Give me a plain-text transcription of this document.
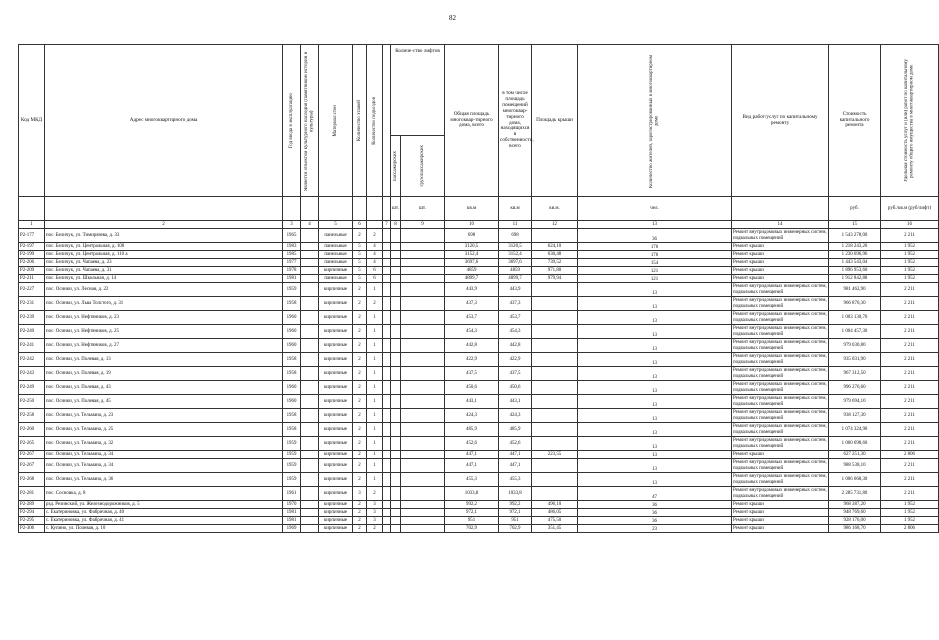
82
Код МКД	Адрес многоквартирного дома	Год ввода в эксплуатацию	Является объектом культурного наследия (памятником истории и культуры)	Материал стен	Количество этажей	Количество подъездов		Количе-ство лифтов		Общая площадь многоквар-тирного дома, всего	в том числе площадь помещений многоквар-тирного дома, находящихся в собственности, всего	Площадь крыши	Количество жителей, зарегистрированных в многоквартирном доме	Вид работ/услуг по капитальному ремонту	Стоимость капитального ремонта	Удельная стоимость услуг и (или) работ по капитальному ремонту общего имущества в многоквартирном доме

								пассажирских	грузопассажирских								

								шт.	шт.	кв.м	кв.м	кв.м.	чел.		руб.	руб./кв.м (руб/лифт)	
1	2	3	4	5	6		7	8	9	10	11	12	13	14	15	16	
Р2-177	пос. Беличук, ул. Тимирязева, д. 33	1965		панельные	2	2				698	698		36	Ремонт внутридомовых инженерных систем, подвальных помещений	1 543 278,00	2 211	
Р2-197	пос. Беличук, ул. Центральная, д. 108	1983		панельные	5	4				3120,5	3120,5	624,10	176	Ремонт крыши	1 218 243,20	1 952	
Р2-199	пос. Беличук, ул. Центральная, д. 110 а	1985		панельные	5	4				3152,4	3152,4	630,48	176	Ремонт крыши	1 230 696,96	1 952	
Р2-206	пос. Беличук, ул. Чапаева, д. 23	1977		панельные	5	4				3697,6	3697,6	739,52	154	Ремонт крыши	1 443 543,04	1 952	
Р2-209	пос. Беличук, ул. Чапаева, д. 31	1978		кирпичные	5	6				4859	4859	971,80	121	Ремонт крыши	1 896 953,60	1 952	
Р2-211	пос. Беличук, ул. Школьная, д. 14	1981		панельные	5	6				4899,7	4899,7	979,94	121	Ремонт крыши	1 912 842,88	1 952	
Р2-227	пос. Осинки, ул. Лесная, д. 22	1959		кирпичные	2	1				443,9	443,9		13	Ремонт внутридомовых инженерных систем, подвальных помещений	981 462,90	2 211	
Р2-231	пос. Осинки, ул. Льва Толстого, д. 31	1958		кирпичные	2	2				437,3	437,3		13	Ремонт внутридомовых инженерных систем, подвальных помещений	966 870,30	2 211	
Р2-239	пос. Осинки, ул. Нефтяников, д. 23	1960		кирпичные	2	1				453,7	453,7		13	Ремонт внутридомовых инженерных систем, подвальных помещений	1 003 130,70	2 211	
Р2-240	пос. Осинки, ул. Нефтяников, д. 25	1960		кирпичные	2	1				454,3	454,3		13	Ремонт внутридомовых инженерных систем, подвальных помещений	1 004 457,30	2 211	
Р2-241	пос. Осинки, ул. Нефтяников, д. 27	1960		кирпичные	2	1				442,8	442,8		13	Ремонт внутридомовых инженерных систем, подвальных помещений	979 030,80	2 211	
Р2-242	пос. Осинки, ул. Полевая, д. 13	1958		кирпичные	2	1				422,9	422,9		13	Ремонт внутридомовых инженерных систем, подвальных помещений	935 031,90	2 211	
Р2-243	пос. Осинки, ул. Полевая, д. 19	1958		кирпичные	2	1				437,5	437,5		13	Ремонт внутридомовых инженерных систем, подвальных помещений	967 312,50	2 211	
Р2-249	пос. Осинки, ул. Полевая, д. 43	1960		кирпичные	2	1				450,6	450,6		13	Ремонт внутридомовых инженерных систем, подвальных помещений	996 276,60	2 211	
Р2-250	пос. Осинки, ул. Полевая, д. 45	1960		кирпичные	2	1				443,1	443,1		13	Ремонт внутридомовых инженерных систем, подвальных помещений	979 694,10	2 211	
Р2-258	пос. Осинки, ул. Тельмана, д. 23	1958		кирпичные	2	1				424,3	424,3		13	Ремонт внутридомовых инженерных систем, подвальных помещений	938 127,30	2 211	
Р2-260	пос. Осинки, ул. Тельмана, д. 25	1958		кирпичные	2	1				485,9	485,9		13	Ремонт внутридомовых инженерных систем, подвальных помещений	1 074 324,90	2 211	
Р2-265	пос. Осинки, ул. Тельмана, д. 32	1959		кирпичные	2	1				452,6	452,6		13	Ремонт внутридомовых инженерных систем, подвальных помещений	1 000 698,60	2 211	
Р2-267	пос. Осинки, ул. Тельмана, д. 34	1959		кирпичные	2	1				447,1	447,1	223,55	13	Ремонт крыши	627 251,30	2 806	
Р2-267	пос. Осинки, ул. Тельмана, д. 34	1959		кирпичные	2	1				447,1	447,1		13	Ремонт внутридомовых инженерных систем, подвальных помещений	988 538,10	2 211	
Р2-268	пос. Осинки, ул. Тельмана, д. 36	1959		кирпичные	2	1				455,3	455,3		13	Ремонт внутридомовых инженерных систем, подвальных помещений	1 006 668,30	2 211	
Р2-281	пос. Сосновка, д. 8	1961		кирпичные	3	2				1033,8	1033,8		47	Ремонт внутридомовых инженерных систем, подвальных помещений	2 285 731,80	2 211	
Р2-289	рзд. Резинский, ул. Железнодорожников, д. 5	1970		кирпичные	2	3				992,2	992,2	496,10	36	Ремонт крыши	968 387,20	1 952	
Р2-294	с. Екатериновка, ул. Фабричная, д. 40	1981		кирпичные	2	3				972,1	972,1	486,05	36	Ремонт крыши	948 769,60	1 952	
Р2-295	с. Екатериновка, ул. Фабричная, д. 41	1981		кирпичные	2	3				951	951	475,50	36	Ремонт крыши	928 176,00	1 952	
Р2-306	с. Купино, ул. Полевая, д. 10	1969		кирпичные	2	2				702,9	702,9	351,45	23	Ремонт крыши	986 168,70	2 806	
